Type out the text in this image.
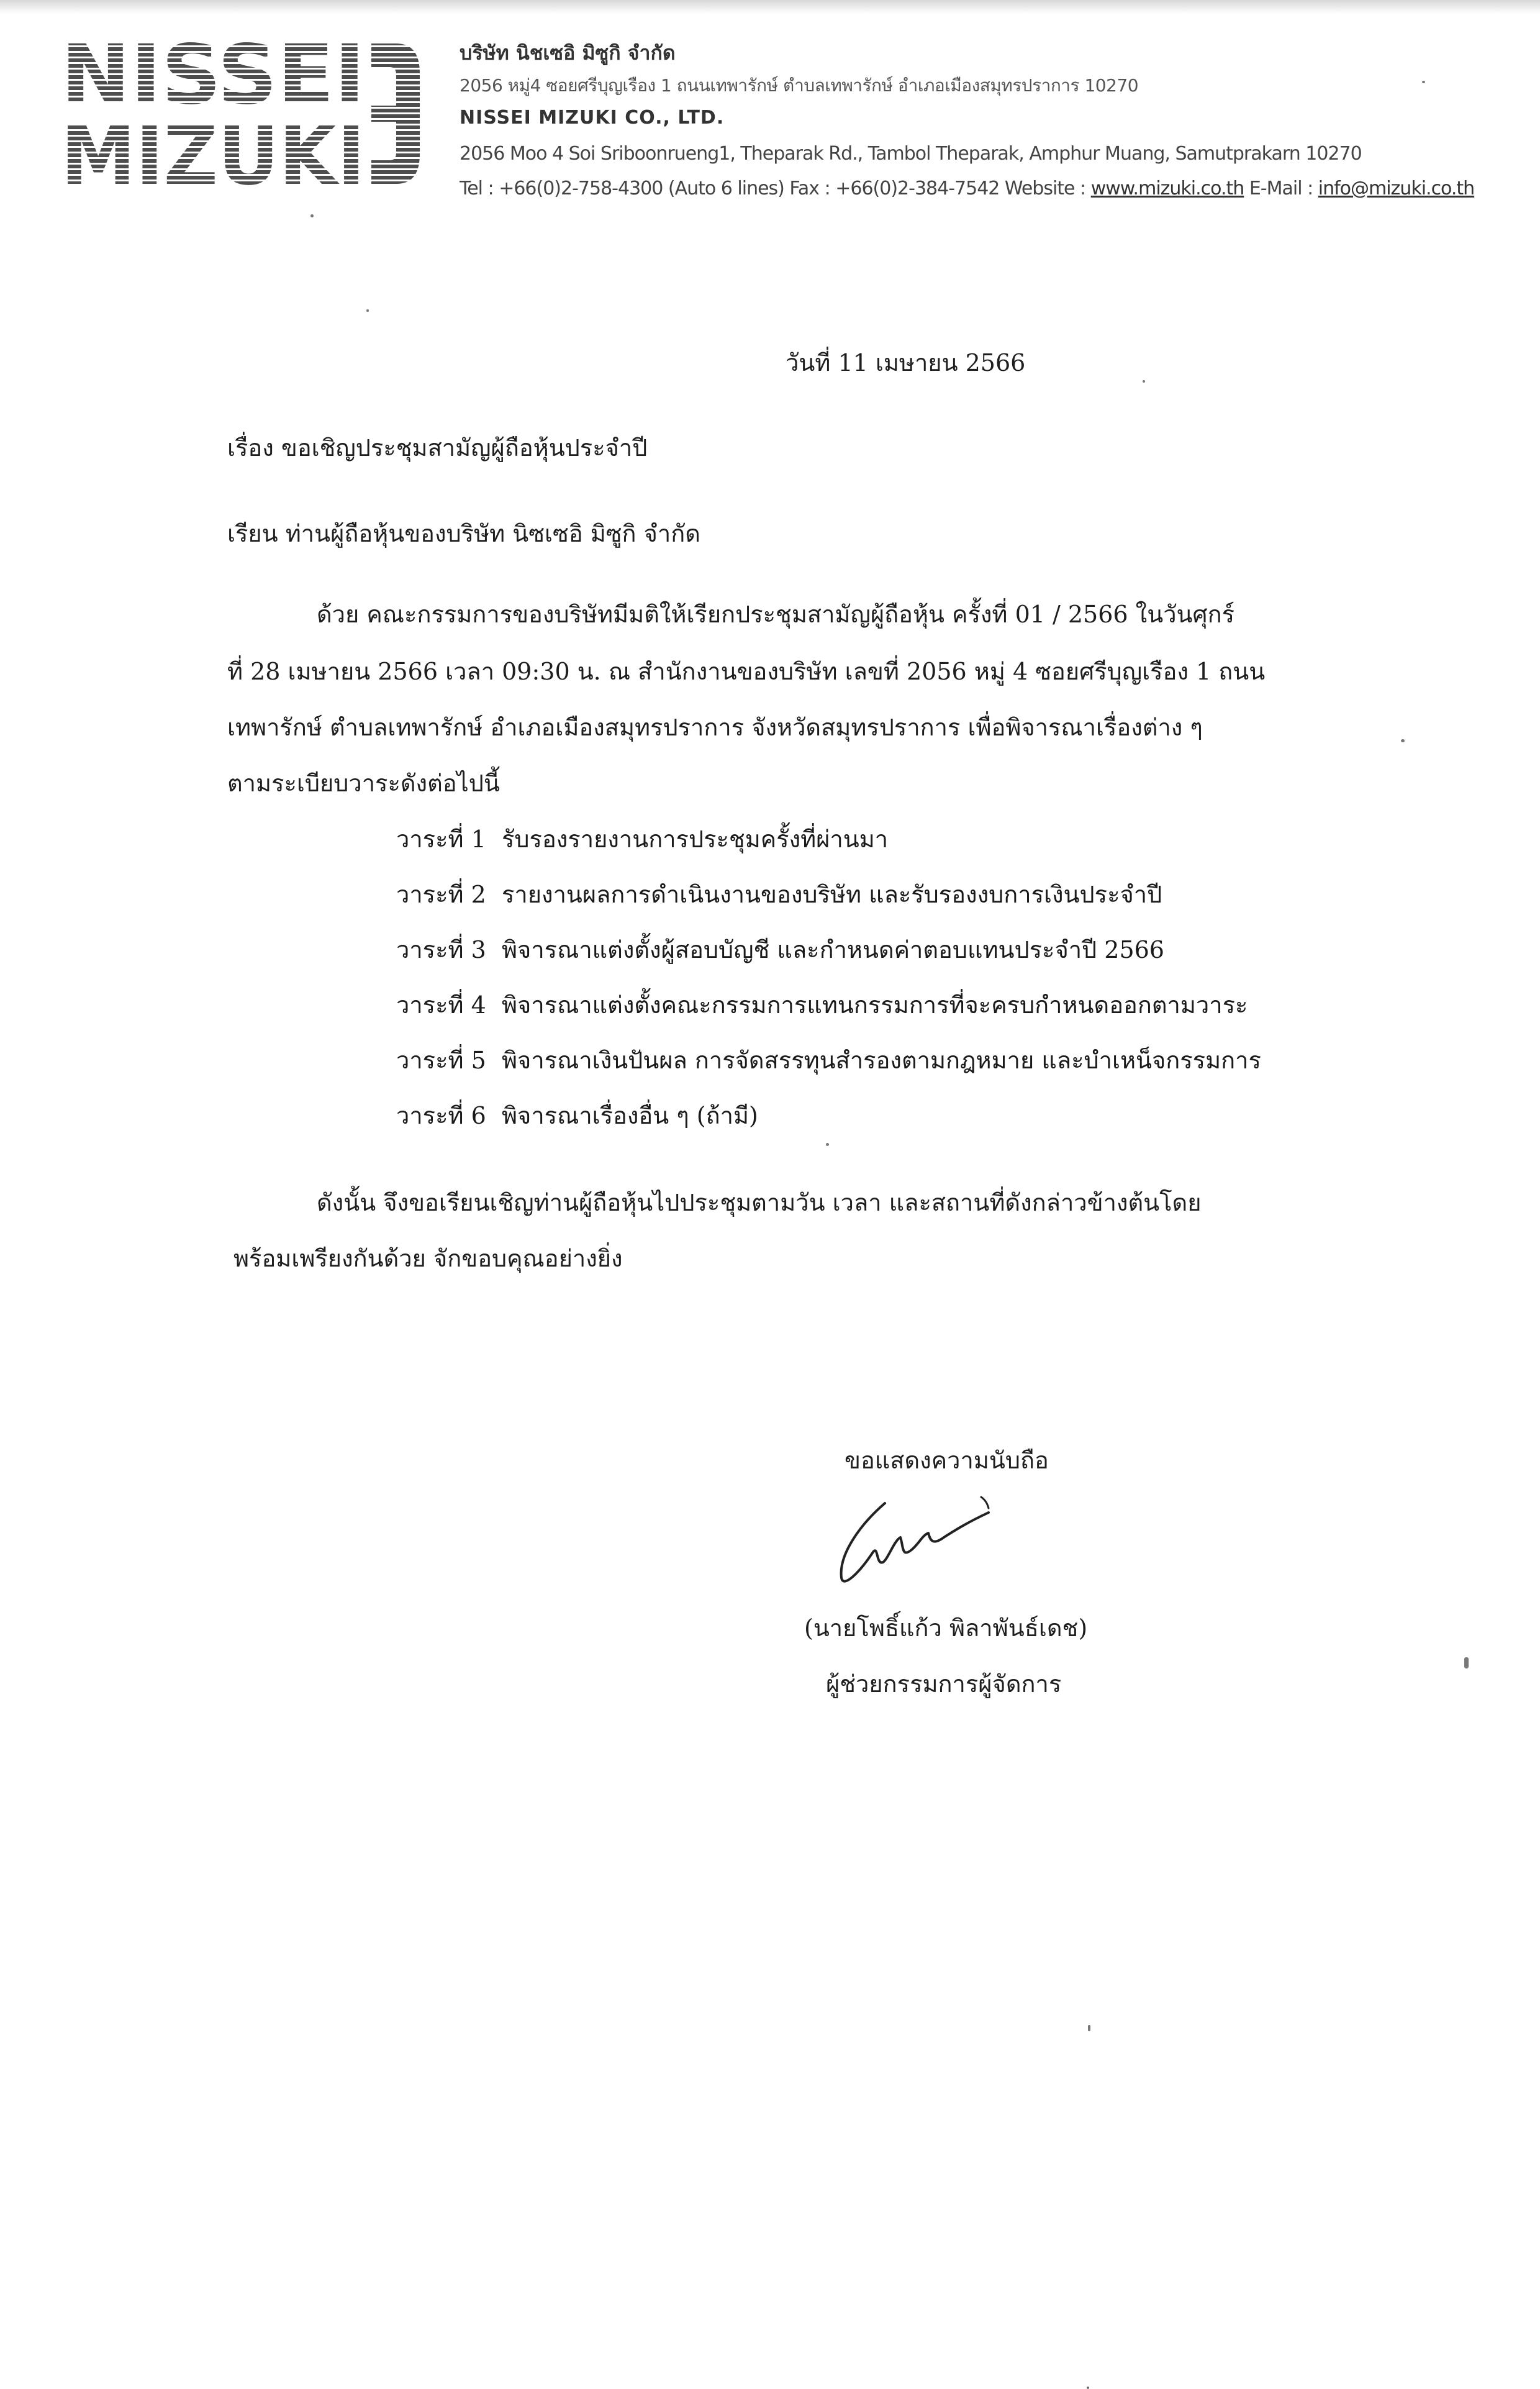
NISSEI
MIZUKI
บริษัท นิชเซอิ มิซูกิ จำกัด
2056 หมู่4 ซอยศรีบุญเรือง 1 ถนนเทพารักษ์ ตำบลเทพารักษ์ อำเภอเมืองสมุทรปราการ 10270
NISSEI MIZUKI CO., LTD.
2056 Moo 4 Soi Sriboonrueng1, Theparak Rd., Tambol Theparak, Amphur Muang, Samutprakarn 10270
Tel : +66(0)2-758-4300 (Auto 6 lines) Fax : +66(0)2-384-7542 Website : www.mizuki.co.th E-Mail : info@mizuki.co.th
วันที่ 11 เมษายน 2566
เรื่อง ขอเชิญประชุมสามัญผู้ถือหุ้นประจำปี
เรียน ท่านผู้ถือหุ้นของบริษัท นิซเซอิ มิซูกิ จำกัด
ด้วย คณะกรรมการของบริษัทมีมติให้เรียกประชุมสามัญผู้ถือหุ้น ครั้งที่ 01 / 2566 ในวันศุกร์
ที่ 28 เมษายน 2566 เวลา 09:30 น. ณ สำนักงานของบริษัท เลขที่ 2056 หมู่ 4 ซอยศรีบุญเรือง 1 ถนน
เทพารักษ์ ตำบลเทพารักษ์ อำเภอเมืองสมุทรปราการ จังหวัดสมุทรปราการ เพื่อพิจารณาเรื่องต่าง ๆ
ตามระเบียบวาระดังต่อไปนี้
วาระที่ 1 รับรองรายงานการประชุมครั้งที่ผ่านมา
วาระที่ 2 รายงานผลการดำเนินงานของบริษัท และรับรองงบการเงินประจำปี
วาระที่ 3 พิจารณาแต่งตั้งผู้สอบบัญชี และกำหนดค่าตอบแทนประจำปี 2566
วาระที่ 4 พิจารณาแต่งตั้งคณะกรรมการแทนกรรมการที่จะครบกำหนดออกตามวาระ
วาระที่ 5 พิจารณาเงินปันผล การจัดสรรทุนสำรองตามกฎหมาย และบำเหน็จกรรมการ
วาระที่ 6 พิจารณาเรื่องอื่น ๆ (ถ้ามี)
ดังนั้น จึงขอเรียนเชิญท่านผู้ถือหุ้นไปประชุมตามวัน เวลา และสถานที่ดังกล่าวข้างต้นโดย
พร้อมเพรียงกันด้วย จักขอบคุณอย่างยิ่ง
ขอแสดงความนับถือ
(นายโพธิ์แก้ว พิลาพันธ์เดช)
ผู้ช่วยกรรมการผู้จัดการ
